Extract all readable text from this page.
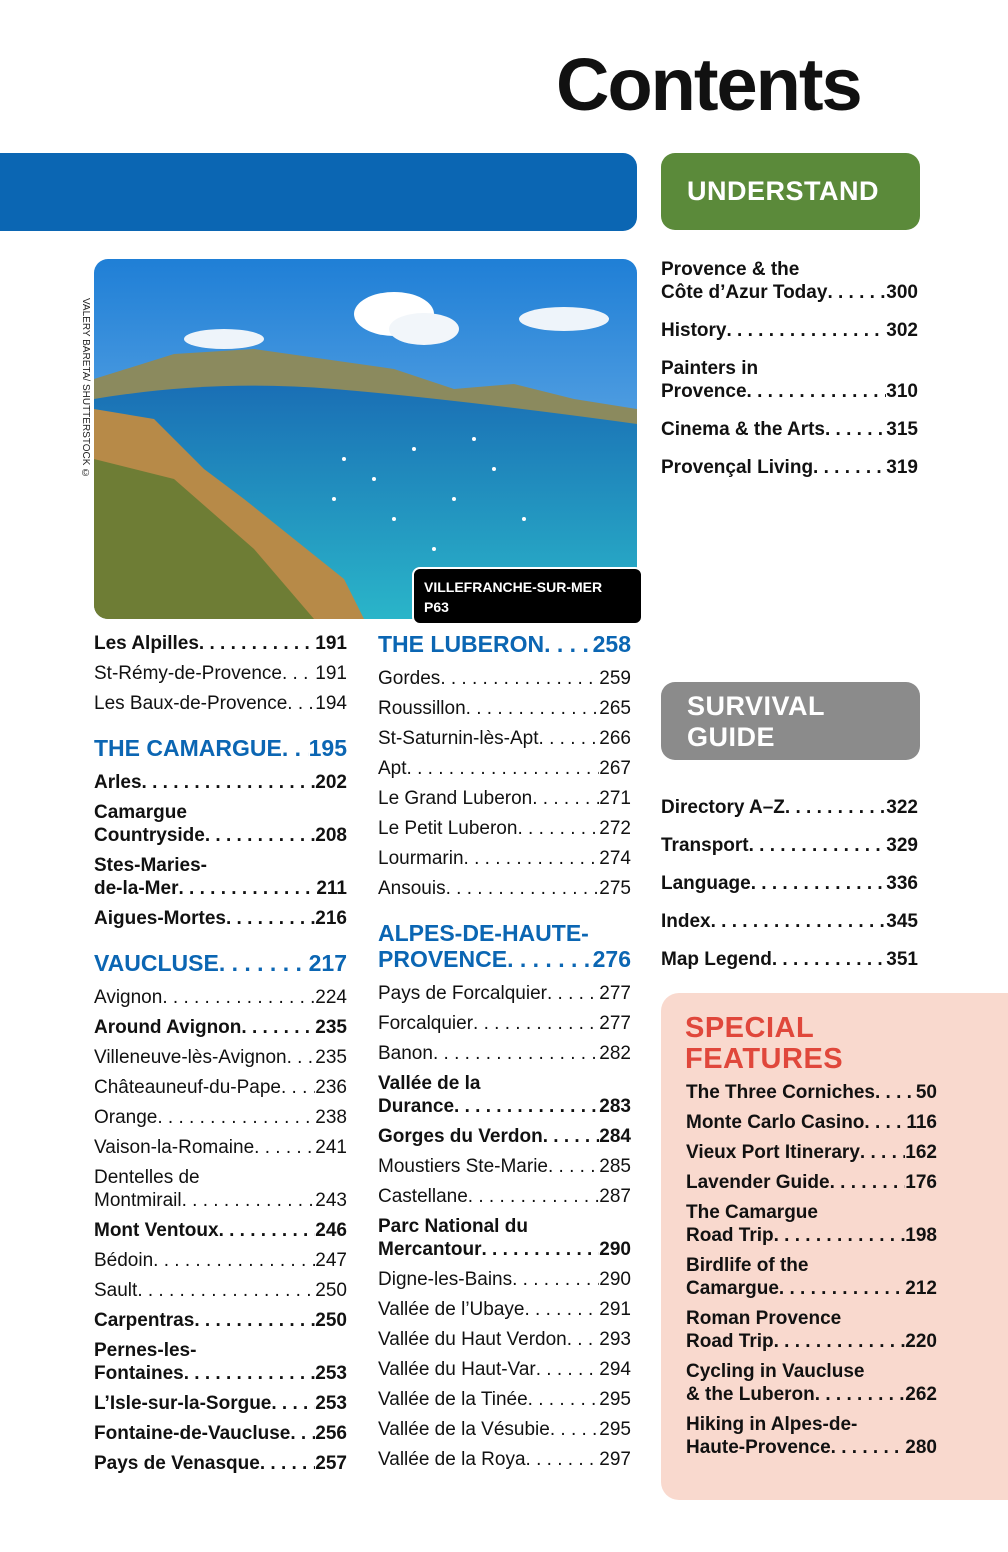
Contents
UNDERSTAND
SURVIVAL
GUIDE
SPECIAL
FEATURES
VALERY BARETA/ SHUTTERSTOCK ©
VILLEFRANCHE-SUR-MER
P63
Les Alpilles . . .	191
St-Rémy-de-Provence . . . 191
Les Baux-de-Provence . . . 194
THE CAMARGUE . . . 195
Arles . . .	202
Camargue
Countryside . . .	208
Stes-Maries-
de-la-Mer . . .	211
Aigues-Mortes . . .	216
VAUCLUSE . . .	217
Avignon . . .	224
Around Avignon . . .	235
Villeneuve-lès-Avignon . . . 235
Châteauneuf-du-Pape . . . 236
Orange . . .	238
Vaison-la-Romaine . . .	241
Dentelles de
Montmirail . . .	243
Mont Ventoux . . .	246
Bédoin . . .	247
Sault . . .	250
Carpentras . . .	250
Pernes-les-
Fontaines . . .	253
L’Isle-sur-la-Sorgue . . . 253
Fontaine-de-Vaucluse . . . 256
Pays de Venasque . . .	257
THE LUBERON . . . 258
Gordes . . .	259
Roussillon . . .	265
St-Saturnin-lès-Apt . . .	266
Apt . . .	267
Le Grand Luberon . . .	271
Le Petit Luberon . . .	272
Lourmarin . . .	274
Ansouis . . .	275
ALPES-DE-HAUTE-
PROVENCE . . .	276
Pays de Forcalquier . . .	277
Forcalquier . . .	277
Banon . . .	282
Vallée de la
Durance . . .	283
Gorges du Verdon . . .	284
Moustiers Ste-Marie . . .	285
Castellane . . .	287
Parc National du
Mercantour . . .	290
Digne-les-Bains . . .	290
Vallée de l’Ubaye . . .	291
Vallée du Haut Verdon . . . 293
Vallée du Haut-Var . . .	294
Vallée de la Tinée . . .	295
Vallée de la Vésubie . . .	295
Vallée de la Roya . . .	297
Provence & the
Côte d’Azur Today . . .	300
History . . .	302
Painters in
Provence . . .	310
Cinema & the Arts . . .	315
Provençal Living . . .	319
Directory A–Z . . .	322
Transport . . .	329
Language . . .	336
Index . . .	345
Map Legend . . .	351
The Three Corniches . . . 50
Monte Carlo Casino . . . 116
Vieux Port Itinerary . . . 162
Lavender Guide . . .	176
The Camargue
Road Trip . . .	198
Birdlife of the
Camargue . . .	212
Roman Provence
Road Trip . . .	220
Cycling in Vaucluse
& the Luberon . . .	262
Hiking in Alpes-de-
Haute-Provence . . .	280
